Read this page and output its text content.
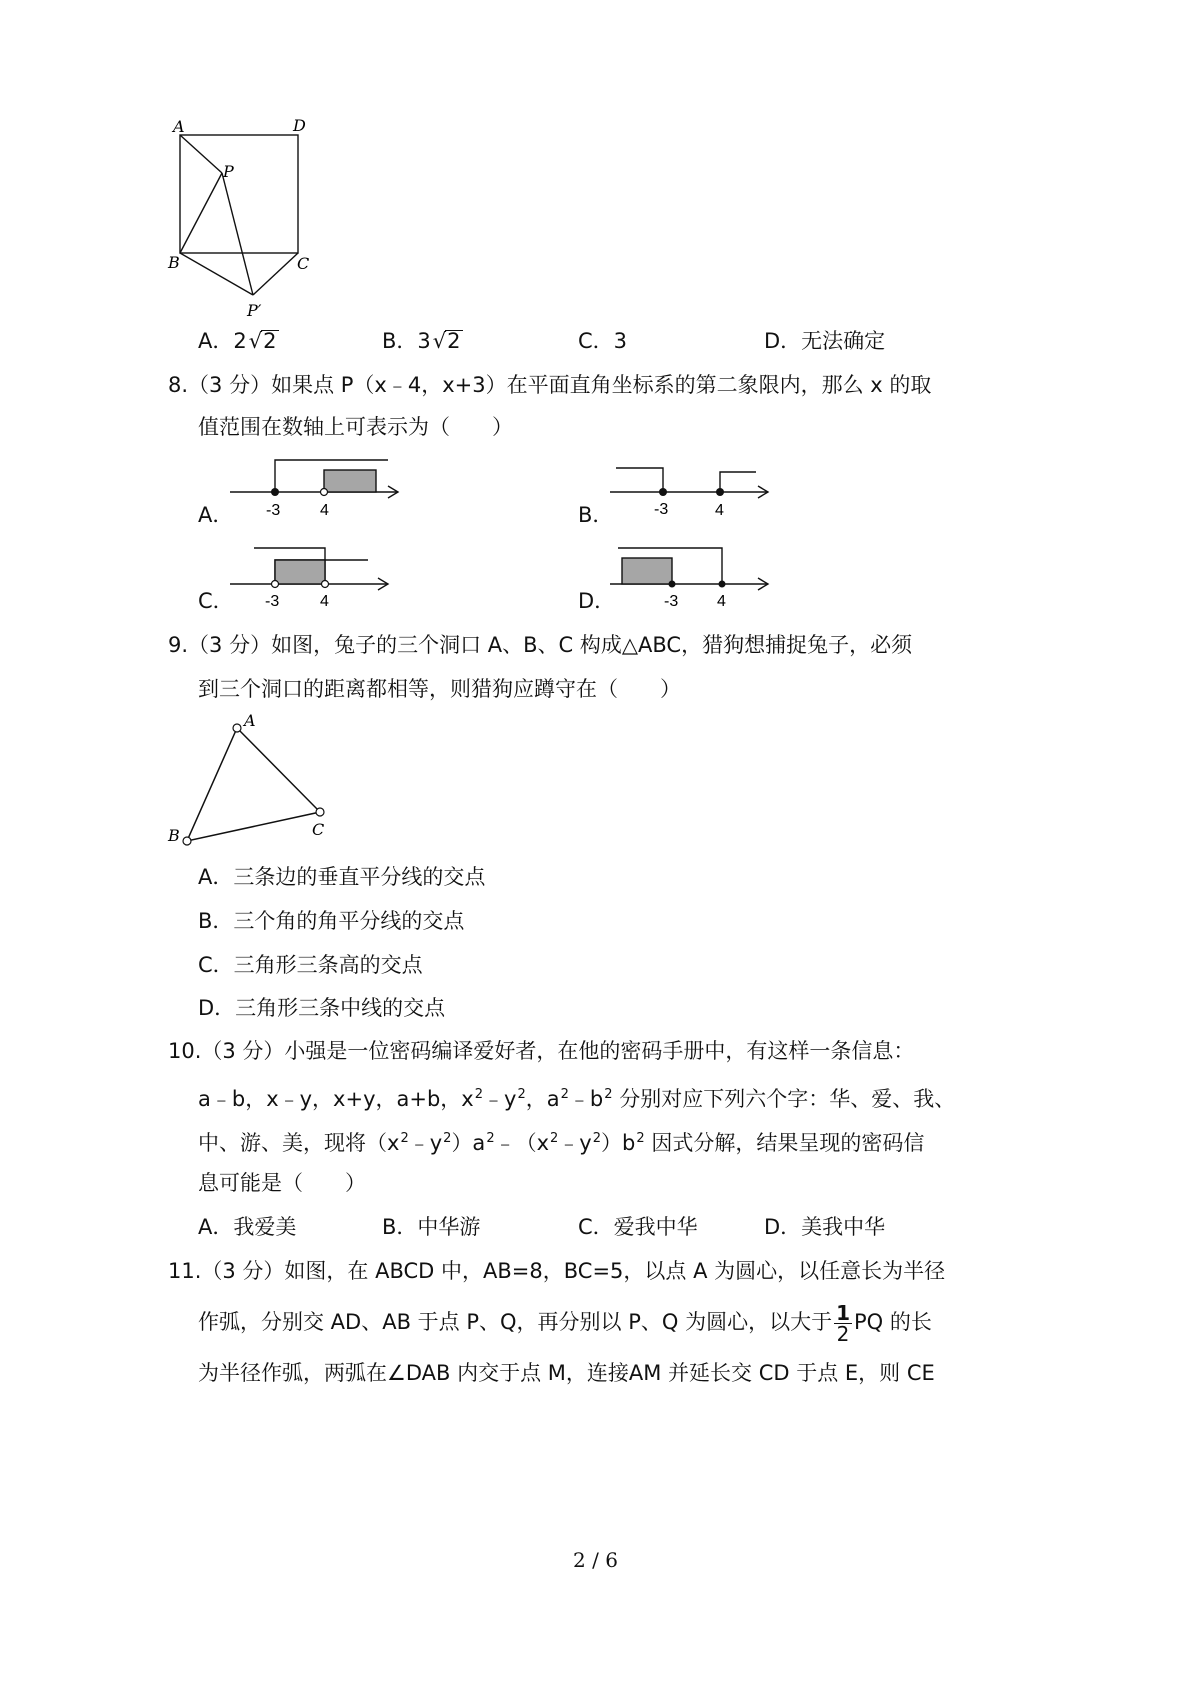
A	D
P
B	C
P′
A．2√2	B．3√2	C．3	D．无法确定
8.（3 分）如果点 P（x﹣4，x+3）在平面直角坐标系的第二象限内，那么 x 的取
值范围在数轴上可表示为（　　）
A． -3 4	B．	-3	4
C． -3	4	D．	-3 4
9.（3 分）如图，兔子的三个洞口 A、B、C 构成△ABC，猎狗想捕捉兔子，必须
到三个洞口的距离都相等，则猎狗应蹲守在（　　）
A
B	C
A．三条边的垂直平分线的交点
B．三个角的角平分线的交点
C．三角形三条高的交点
D．三角形三条中线的交点
10.（3 分）小强是一位密码编译爱好者，在他的密码手册中，有这样一条信息：
a﹣b，x﹣y，x+y，a+b，$x^2﹣y^2$，$a^2﹣b^2$ 分别对应下列六个字：华、爱、我、
中、游、美，现将$(x^2﹣y^2)a^2﹣(x^2﹣y^2)b^2$ 因式分解，结果呈现的密码信
息可能是（　　）
A．我爱美	B．中华游	C．爱我中华	D．美我中华
11.（3 分）如图，在 ABCD 中，AB=8，BC=5，以点 A 为圆心，以任意长为半径
作弧，分别交 AD、AB 于点 P、Q，再分别以 P、Q 为圆心，以大于 $\frac{1}{2}$ PQ 的长
为半径作弧，两弧在∠DAB 内交于点 M，连接AM 并延长交 CD 于点 E，则 CE
2 / 6
